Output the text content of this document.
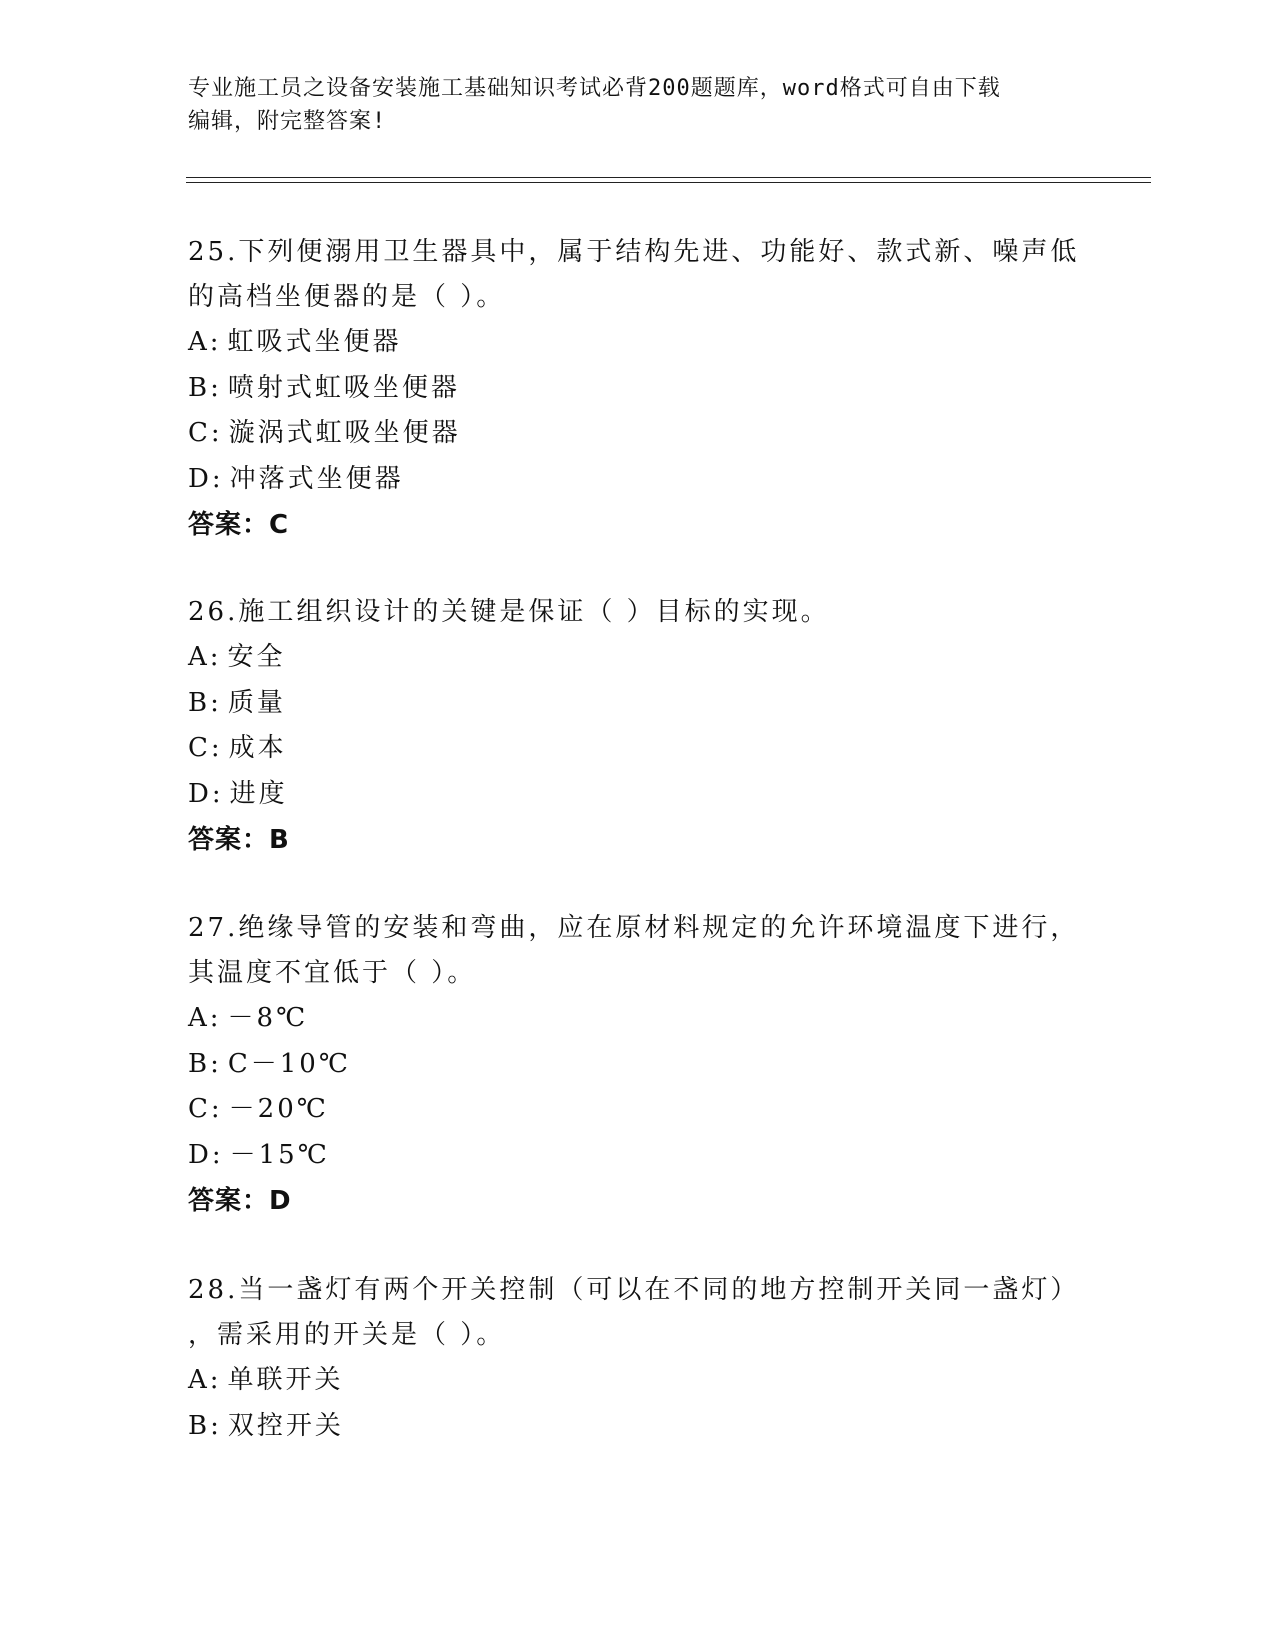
专业施工员之设备安装施工基础知识考试必背200题题库，word格式可自由下载
编辑，附完整答案!
25.下列便溺用卫生器具中，属于结构先进、功能好、款式新、噪声低
的高档坐便器的是（ ）。
A: 虹吸式坐便器
B: 喷射式虹吸坐便器
C: 漩涡式虹吸坐便器
D: 冲落式坐便器
答案：C
26.施工组织设计的关键是保证（ ）目标的实现。
A: 安全
B: 质量
C: 成本
D: 进度
答案：B
27.绝缘导管的安装和弯曲，应在原材料规定的允许环境温度下进行，
其温度不宜低于（ ）。
A: －8℃
B: C－10℃
C: －20℃
D: －15℃
答案：D
28.当一盏灯有两个开关控制（可以在不同的地方控制开关同一盏灯）
，需采用的开关是（ ）。
A: 单联开关
B: 双控开关
